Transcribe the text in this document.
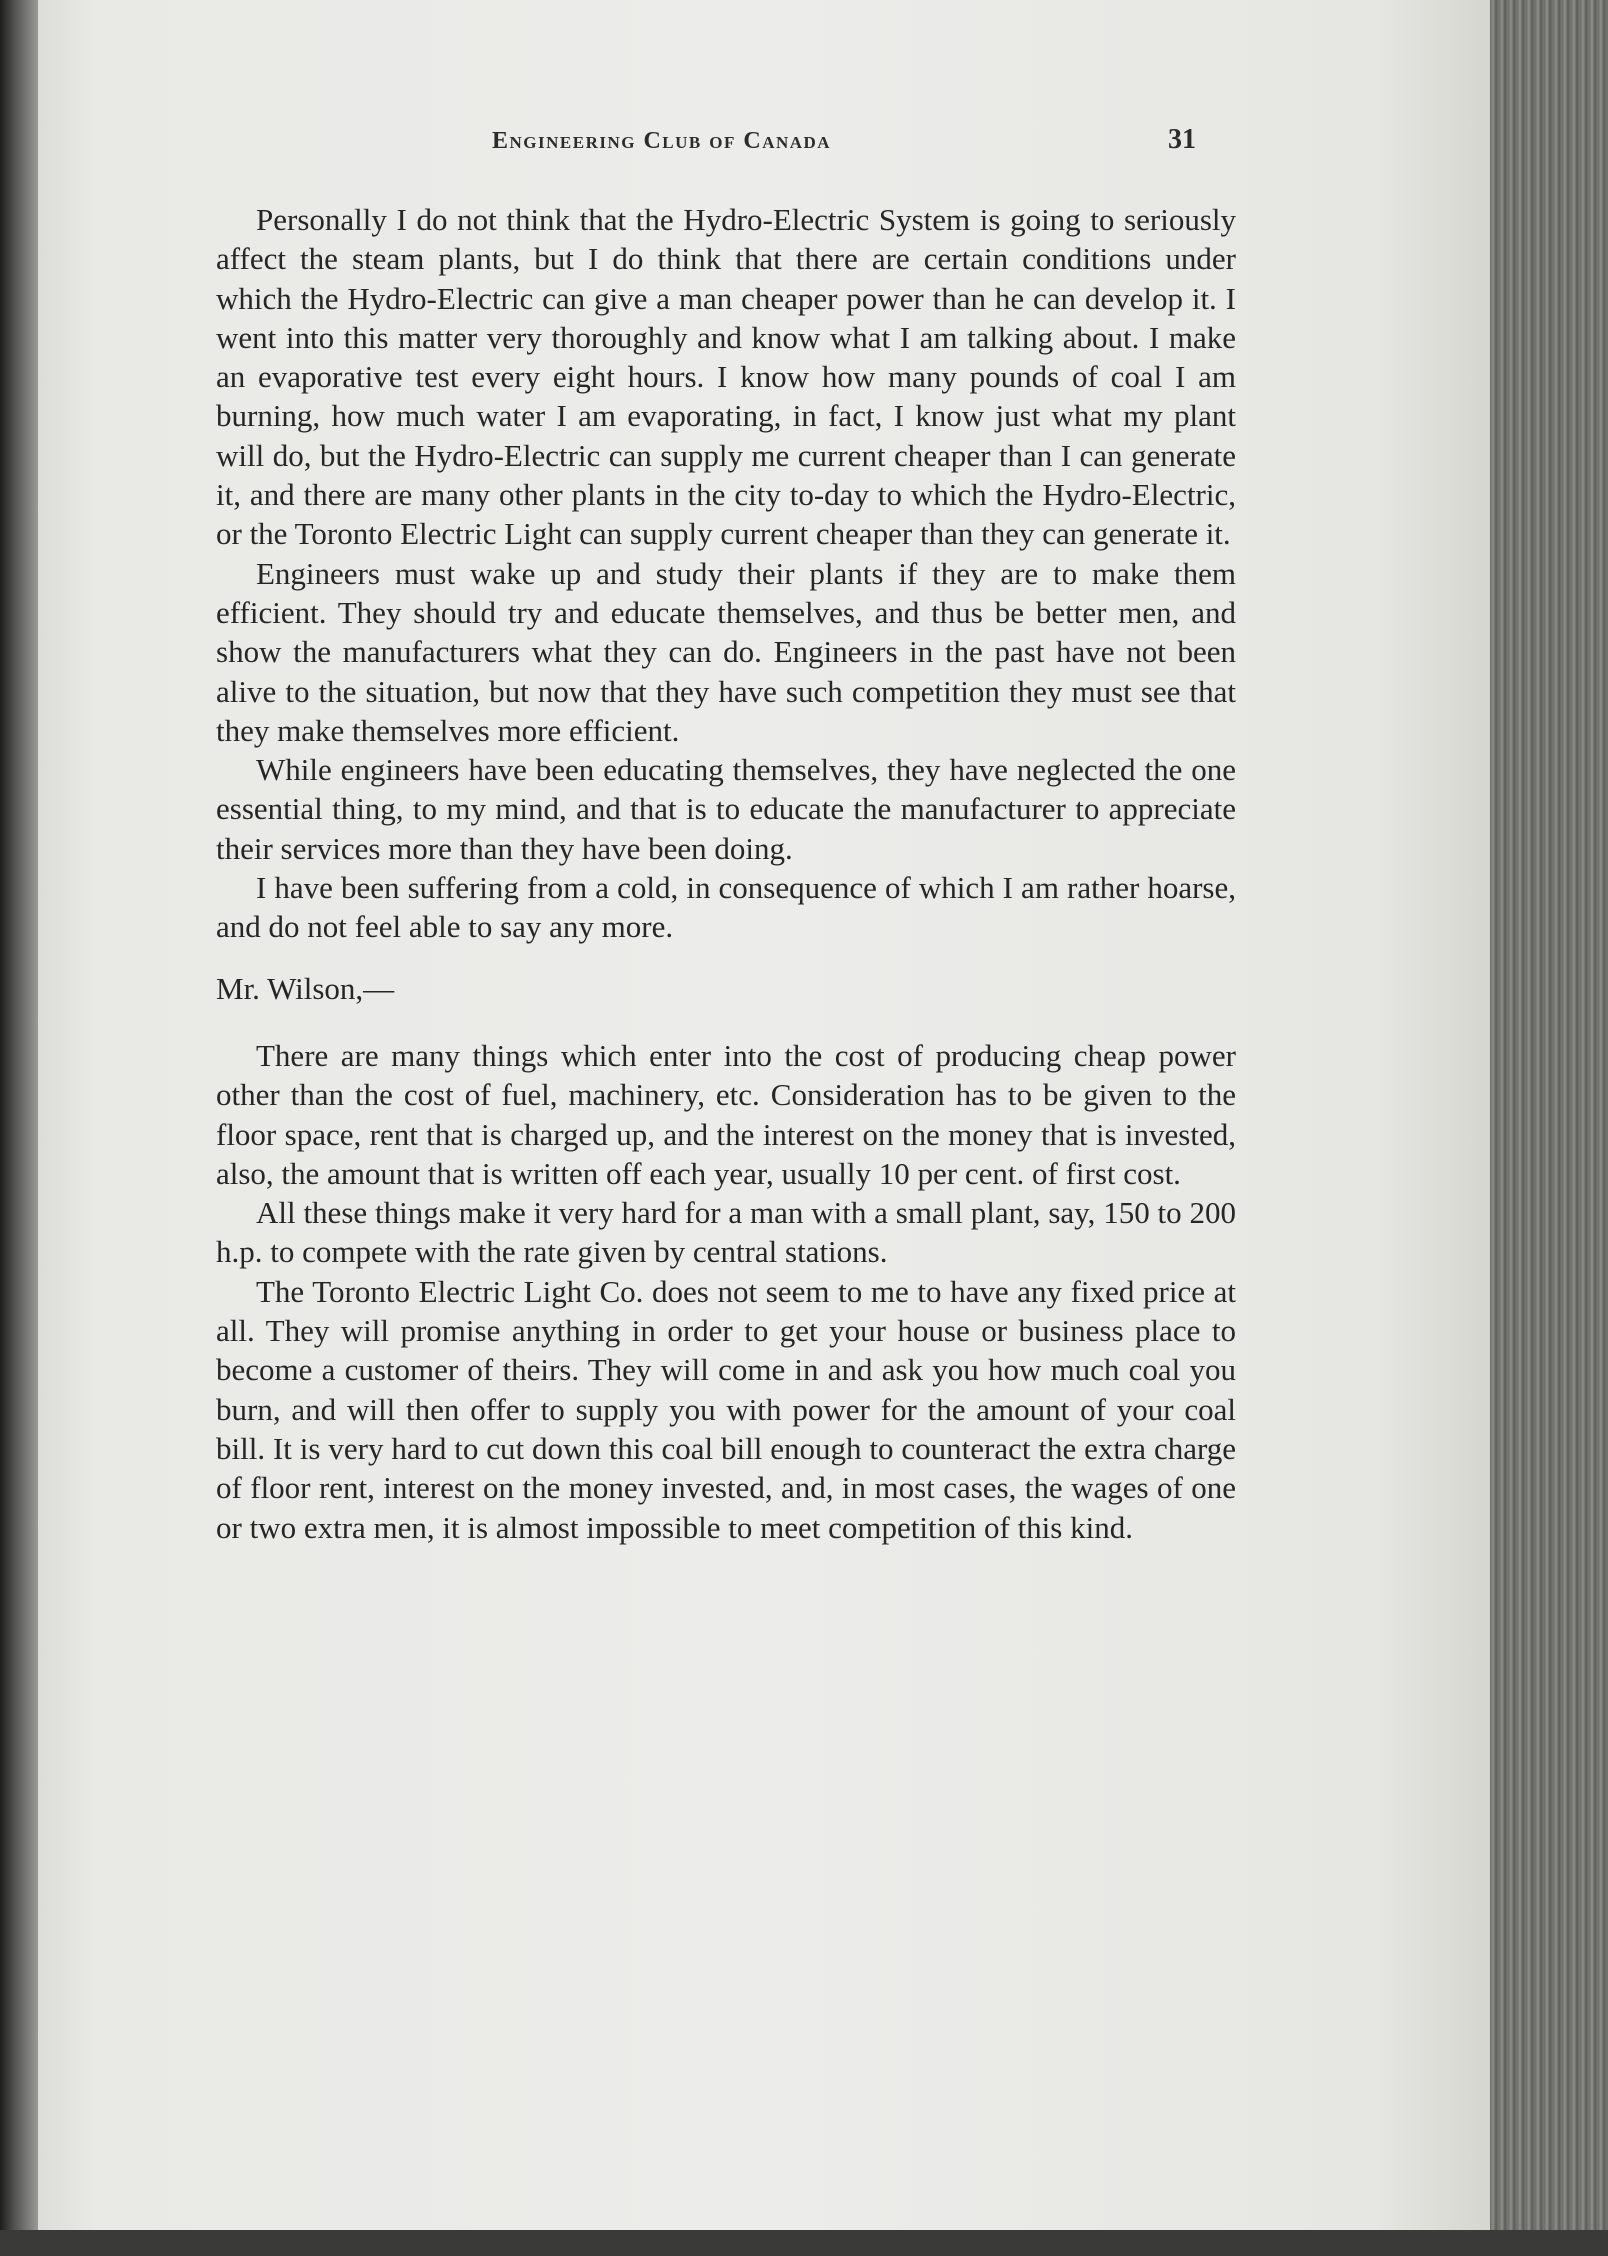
Engineering Club of Canada	31

Personally I do not think that the Hydro-Electric System is going to seriously affect the steam plants, but I do think that there are certain conditions under which the Hydro-Electric can give a man cheaper power than he can develop it. I went into this matter very thoroughly and know what I am talking about. I make an evaporative test every eight hours. I know how many pounds of coal I am burning, how much water I am evaporating, in fact, I know just what my plant will do, but the Hydro-Electric can supply me current cheaper than I can generate it, and there are many other plants in the city to-day to which the Hydro-Electric, or the Toronto Electric Light can supply current cheaper than they can generate it.

Engineers must wake up and study their plants if they are to make them efficient. They should try and educate themselves, and thus be better men, and show the manufacturers what they can do. Engineers in the past have not been alive to the situation, but now that they have such competition they must see that they make themselves more efficient.

While engineers have been educating themselves, they have neglected the one essential thing, to my mind, and that is to educate the manufacturer to appreciate their services more than they have been doing.

I have been suffering from a cold, in consequence of which I am rather hoarse, and do not feel able to say any more.

Mr. Wilson,—

There are many things which enter into the cost of producing cheap power other than the cost of fuel, machinery, etc. Consideration has to be given to the floor space, rent that is charged up, and the interest on the money that is invested, also, the amount that is written off each year, usually 10 per cent. of first cost.

All these things make it very hard for a man with a small plant, say, 150 to 200 h.p. to compete with the rate given by central stations.

The Toronto Electric Light Co. does not seem to me to have any fixed price at all. They will promise anything in order to get your house or business place to become a customer of theirs. They will come in and ask you how much coal you burn, and will then offer to supply you with power for the amount of your coal bill. It is very hard to cut down this coal bill enough to counteract the extra charge of floor rent, interest on the money invested, and, in most cases, the wages of one or two extra men, it is almost impossible to meet competition of this kind.
